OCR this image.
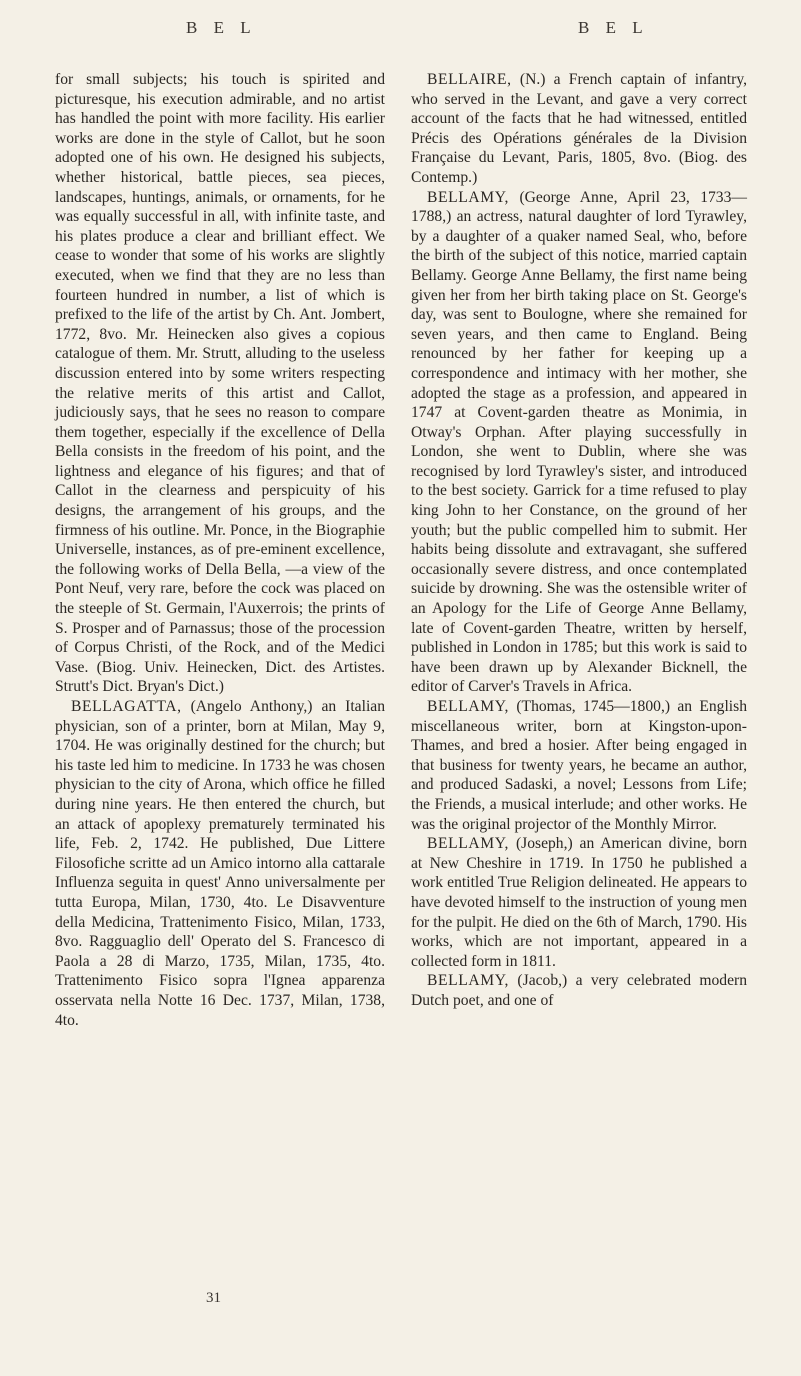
B E L	B E L

for small subjects; his touch is spirited and picturesque, his execution admirable, and no artist has handled the point with more facility. His earlier works are done in the style of Callot, but he soon adopted one of his own. He designed his subjects, whether historical, battle pieces, sea pieces, landscapes, huntings, animals, or ornaments, for he was equally successful in all, with infinite taste, and his plates produce a clear and brilliant effect. We cease to wonder that some of his works are slightly executed, when we find that they are no less than fourteen hundred in number, a list of which is prefixed to the life of the artist by Ch. Ant. Jombert, 1772, 8vo. Mr. Heinecken also gives a copious catalogue of them. Mr. Strutt, alluding to the useless discussion entered into by some writers respecting the relative merits of this artist and Callot, judiciously says, that he sees no reason to compare them together, especially if the excellence of Della Bella consists in the freedom of his point, and the lightness and elegance of his figures; and that of Callot in the clearness and perspicuity of his designs, the arrangement of his groups, and the firmness of his outline. Mr. Ponce, in the Biographie Universelle, instances, as of pre-eminent excellence, the following works of Della Bella, —a view of the Pont Neuf, very rare, before the cock was placed on the steeple of St. Germain, l'Auxerrois; the prints of S. Prosper and of Parnassus; those of the procession of Corpus Christi, of the Rock, and of the Medici Vase. (Biog. Univ. Heinecken, Dict. des Artistes. Strutt's Dict. Bryan's Dict.)

BELLAGATTA, (Angelo Anthony,) an Italian physician, son of a printer, born at Milan, May 9, 1704. He was originally destined for the church; but his taste led him to medicine. In 1733 he was chosen physician to the city of Arona, which office he filled during nine years. He then entered the church, but an attack of apoplexy prematurely terminated his life, Feb. 2, 1742. He published, Due Littere Filosofiche scritte ad un Amico intorno alla cattarale Influenza seguita in quest' Anno universalmente per tutta Europa, Milan, 1730, 4to. Le Disavventure della Medicina, Trattenimento Fisico, Milan, 1733, 8vo. Ragguaglio dell' Operato del S. Francesco di Paola a 28 di Marzo, 1735, Milan, 1735, 4to. Trattenimento Fisico sopra l'Ignea apparenza osservata nella Notte 16 Dec. 1737, Milan, 1738, 4to.

BELLAIRE, (N.) a French captain of infantry, who served in the Levant, and gave a very correct account of the facts that he had witnessed, entitled Précis des Opérations générales de la Division Française du Levant, Paris, 1805, 8vo. (Biog. des Contemp.)

BELLAMY, (George Anne, April 23, 1733—1788,) an actress, natural daughter of lord Tyrawley, by a daughter of a quaker named Seal, who, before the birth of the subject of this notice, married captain Bellamy. George Anne Bellamy, the first name being given her from her birth taking place on St. George's day, was sent to Boulogne, where she remained for seven years, and then came to England. Being renounced by her father for keeping up a correspondence and intimacy with her mother, she adopted the stage as a profession, and appeared in 1747 at Covent-garden theatre as Monimia, in Otway's Orphan. After playing successfully in London, she went to Dublin, where she was recognised by lord Tyrawley's sister, and introduced to the best society. Garrick for a time refused to play king John to her Constance, on the ground of her youth; but the public compelled him to submit. Her habits being dissolute and extravagant, she suffered occasionally severe distress, and once contemplated suicide by drowning. She was the ostensible writer of an Apology for the Life of George Anne Bellamy, late of Covent-garden Theatre, written by herself, published in London in 1785; but this work is said to have been drawn up by Alexander Bicknell, the editor of Carver's Travels in Africa.

BELLAMY, (Thomas, 1745—1800,) an English miscellaneous writer, born at Kingston-upon-Thames, and bred a hosier. After being engaged in that business for twenty years, he became an author, and produced Sadaski, a novel; Lessons from Life; the Friends, a musical interlude; and other works. He was the original projector of the Monthly Mirror.

BELLAMY, (Joseph,) an American divine, born at New Cheshire in 1719. In 1750 he published a work entitled True Religion delineated. He appears to have devoted himself to the instruction of young men for the pulpit. He died on the 6th of March, 1790. His works, which are not important, appeared in a collected form in 1811.

BELLAMY, (Jacob,) a very celebrated modern Dutch poet, and one of

31
